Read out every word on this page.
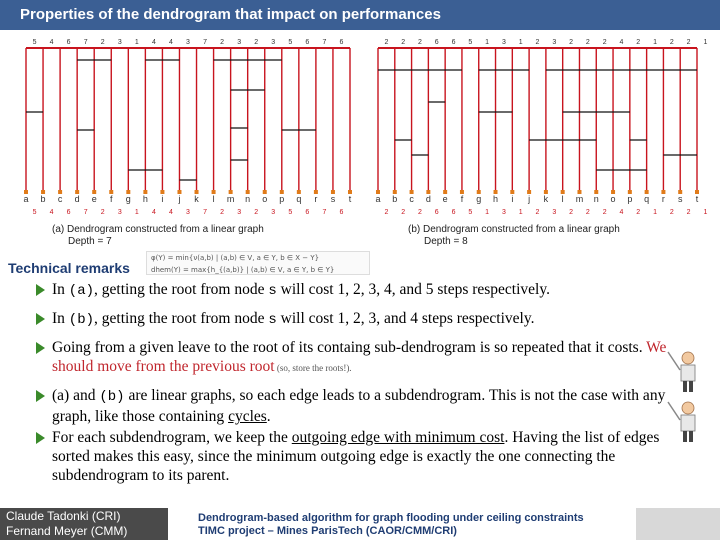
Properties of the dendrogram that impact on performances
a
5
5
b
4
4
c
6
6
d
7
7
e
2
2
f
3
3
g
1
1
h
4
4
i
4
4
j
3
3
k
7
7
l
2
2
m
3
3
n
2
2
o
3
3
p
5
5
q
6
6
r
7
7
s
6
6
t	a
2
2
b
2
2
c
2
2
d
6
6
e
6
6
f
5
5
g
1
1
h
3
3
i
1
1
j
2
2
k
3
3
l
2
2
m
2
2
n
2
2
o
4
4
p
2
2
q
1
1
r
2
2
s
2
2
t
1
1
(a) Dendrogram constructed from a linear graph
Depth = 7
(b) Dendrogram constructed from a linear graph
Depth = 8
Technical remarks
φ(Y) = min{ν(a,b) | (a,b) ∈ V, a ∈ Y, b ∈ X − Y}
dhem(Y) = max{h_{(a,b)} | (a,b) ∈ V, a ∈ Y, b ∈ Y}
In (a), getting the root from node s will cost 1, 2, 3, 4, and 5 steps respectively.
In (b), getting the root from node s will cost 1, 2, 3, and 4 steps respectively.
Going from a given leave to the root of its containg sub-dendrogram is so repeated that it costs. We should move from the previous root (so, store the roots!).
(a) and (b) are linear graphs, so each edge leads to a subdendrogram. This is not the case with any graph, like those containing cycles.
For each subdendrogram, we keep the outgoing edge with minimum cost. Having the list of edges sorted makes this easy, since the minimum outgoing edge is exactly the one connecting the subdendrogram to its parent.
Claude Tadonki (CRI)
Fernand Meyer (CMM)
Dendrogram-based algorithm for graph flooding under ceiling constraints
TIMC project – Mines ParisTech (CAOR/CMM/CRI)
